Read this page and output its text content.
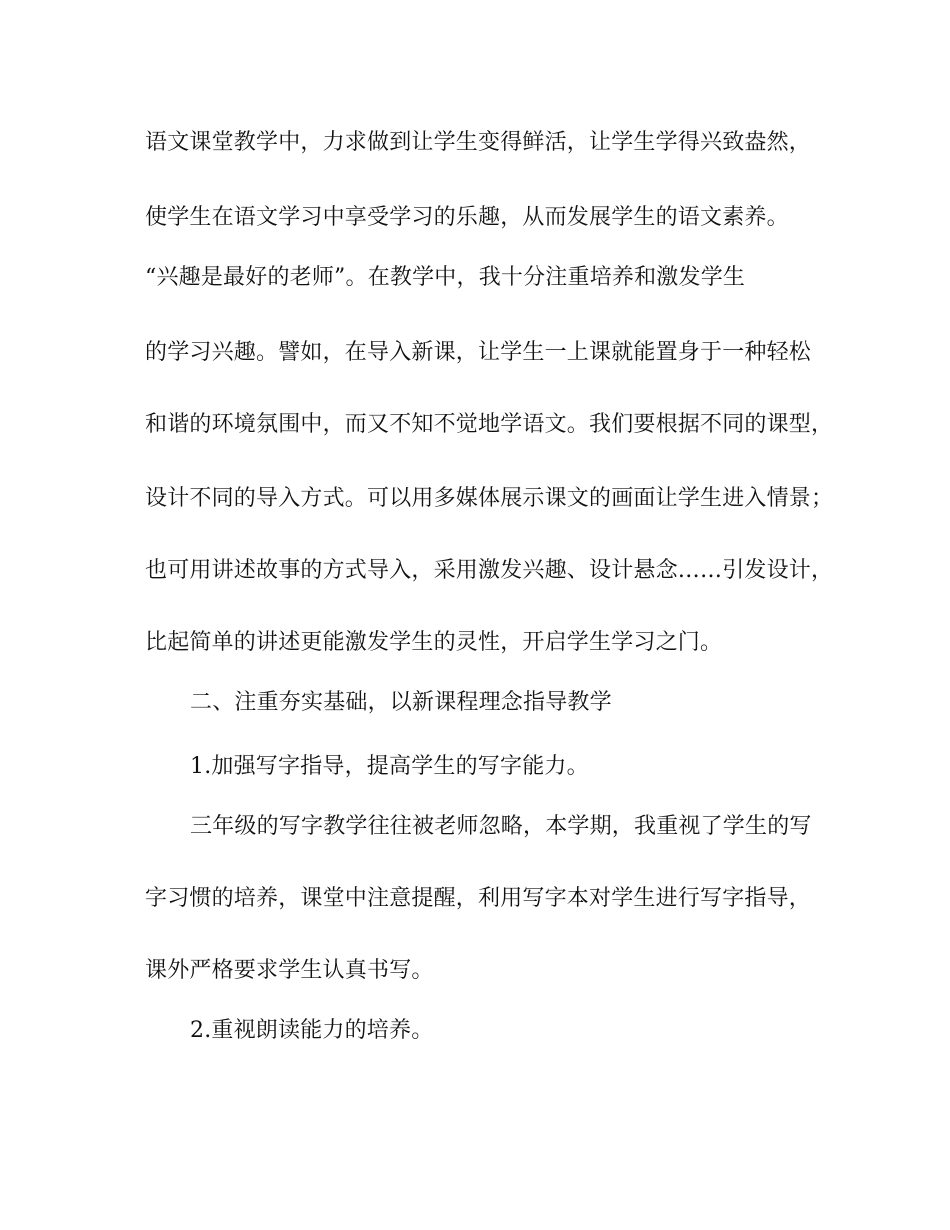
语文课堂教学中，力求做到让学生变得鲜活，让学生学得兴致盎然，
使学生在语文学习中享受学习的乐趣，从而发展学生的语文素养。
“兴趣是最好的老师”。在教学中，我十分注重培养和激发学生
的学习兴趣。譬如，在导入新课，让学生一上课就能置身于一种轻松
和谐的环境氛围中，而又不知不觉地学语文。我们要根据不同的课型，
设计不同的导入方式。可以用多媒体展示课文的画面让学生进入情景；
也可用讲述故事的方式导入，采用激发兴趣、设计悬念……引发设计，
比起简单的讲述更能激发学生的灵性，开启学生学习之门。
二、注重夯实基础，以新课程理念指导教学
1.加强写字指导，提高学生的写字能力。
三年级的写字教学往往被老师忽略，本学期，我重视了学生的写
字习惯的培养，课堂中注意提醒，利用写字本对学生进行写字指导，
课外严格要求学生认真书写。
2.重视朗读能力的培养。
